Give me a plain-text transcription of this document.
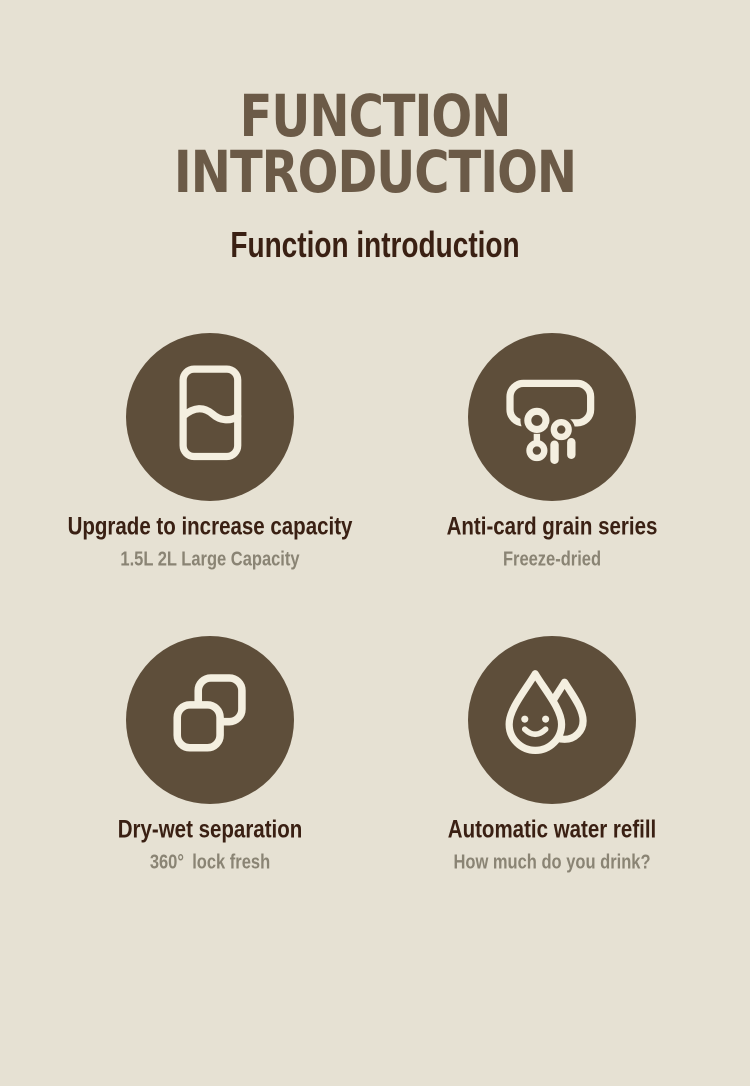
FUNCTION
INTRODUCTION
Function introduction
Upgrade to increase capacity

1.5L 2L Large Capacity

Anti-card grain series

Freeze-dried

Dry-wet separation

360° lock fresh

Automatic water refill

How much do you drink?
